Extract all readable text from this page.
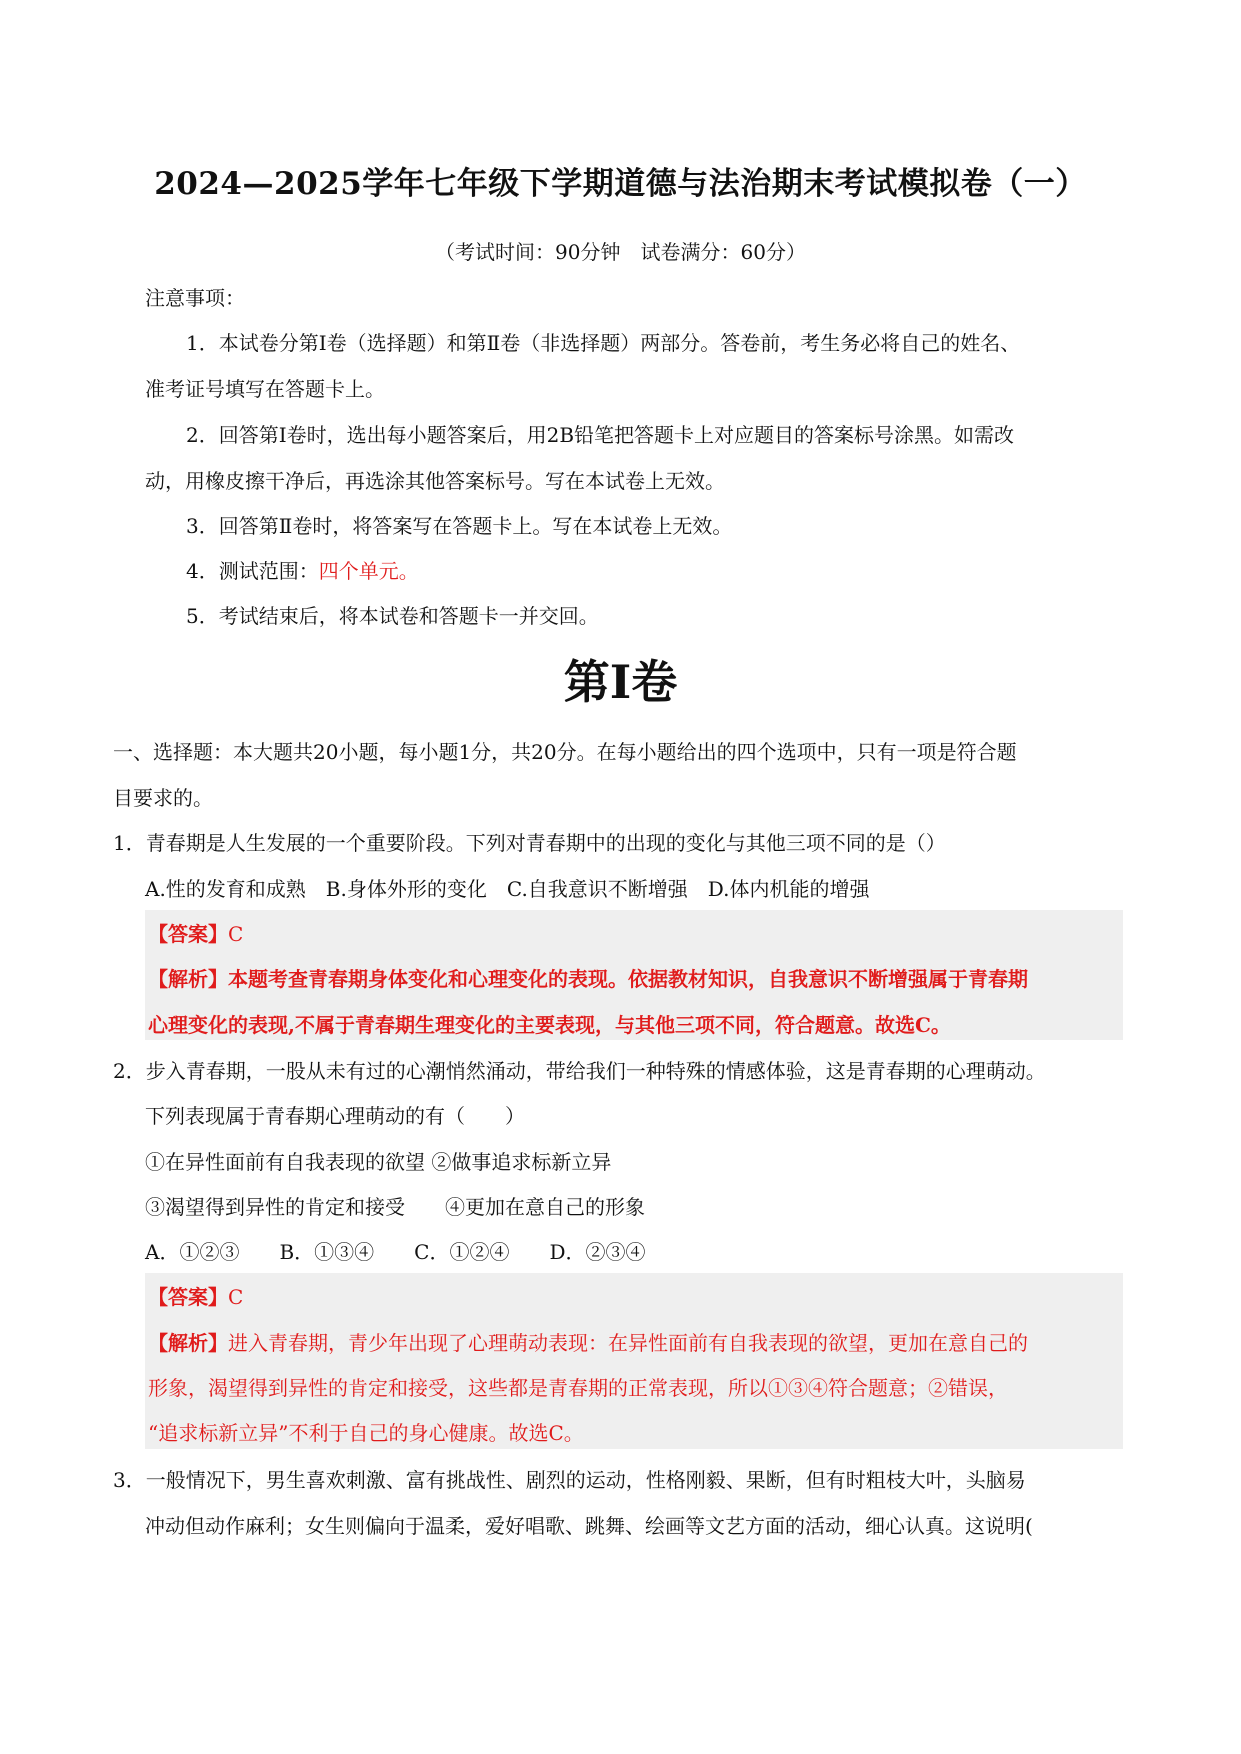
2024—2025学年七年级下学期道德与法治期末考试模拟卷（一）
（考试时间：90分钟　试卷满分：60分）
注意事项：
1．本试卷分第Ⅰ卷（选择题）和第Ⅱ卷（非选择题）两部分。答卷前，考生务必将自己的姓名、
准考证号填写在答题卡上。
2．回答第Ⅰ卷时，选出每小题答案后，用2B铅笔把答题卡上对应题目的答案标号涂黑。如需改
动，用橡皮擦干净后，再选涂其他答案标号。写在本试卷上无效。
3．回答第Ⅱ卷时，将答案写在答题卡上。写在本试卷上无效。
4．测试范围：四个单元。
5．考试结束后，将本试卷和答题卡一并交回。
第Ⅰ卷
一、选择题：本大题共20小题，每小题1分，共20分。在每小题给出的四个选项中，只有一项是符合题
目要求的。
1．青春期是人生发展的一个重要阶段。下列对青春期中的出现的变化与其他三项不同的是（）
A.性的发育和成熟　B.身体外形的变化　C.自我意识不断增强　D.体内机能的增强
【答案】C
【解析】本题考查青春期身体变化和心理变化的表现。依据教材知识，自我意识不断增强属于青春期
心理变化的表现,不属于青春期生理变化的主要表现，与其他三项不同，符合题意。故选C。
2．步入青春期，一股从未有过的心潮悄然涌动，带给我们一种特殊的情感体验，这是青春期的心理萌动。
下列表现属于青春期心理萌动的有（　　）
①在异性面前有自我表现的欲望 ②做事追求标新立异
③渴望得到异性的肯定和接受　　④更加在意自己的形象
A．①②③　　B．①③④　　C．①②④　　D．②③④
【答案】C
【解析】进入青春期，青少年出现了心理萌动表现：在异性面前有自我表现的欲望，更加在意自己的
形象，渴望得到异性的肯定和接受，这些都是青春期的正常表现，所以①③④符合题意；②错误，
“追求标新立异”不利于自己的身心健康。故选C。
3．一般情况下，男生喜欢刺激、富有挑战性、剧烈的运动，性格刚毅、果断，但有时粗枝大叶，头脑易
冲动但动作麻利；女生则偏向于温柔，爱好唱歌、跳舞、绘画等文艺方面的活动，细心认真。这说明(
